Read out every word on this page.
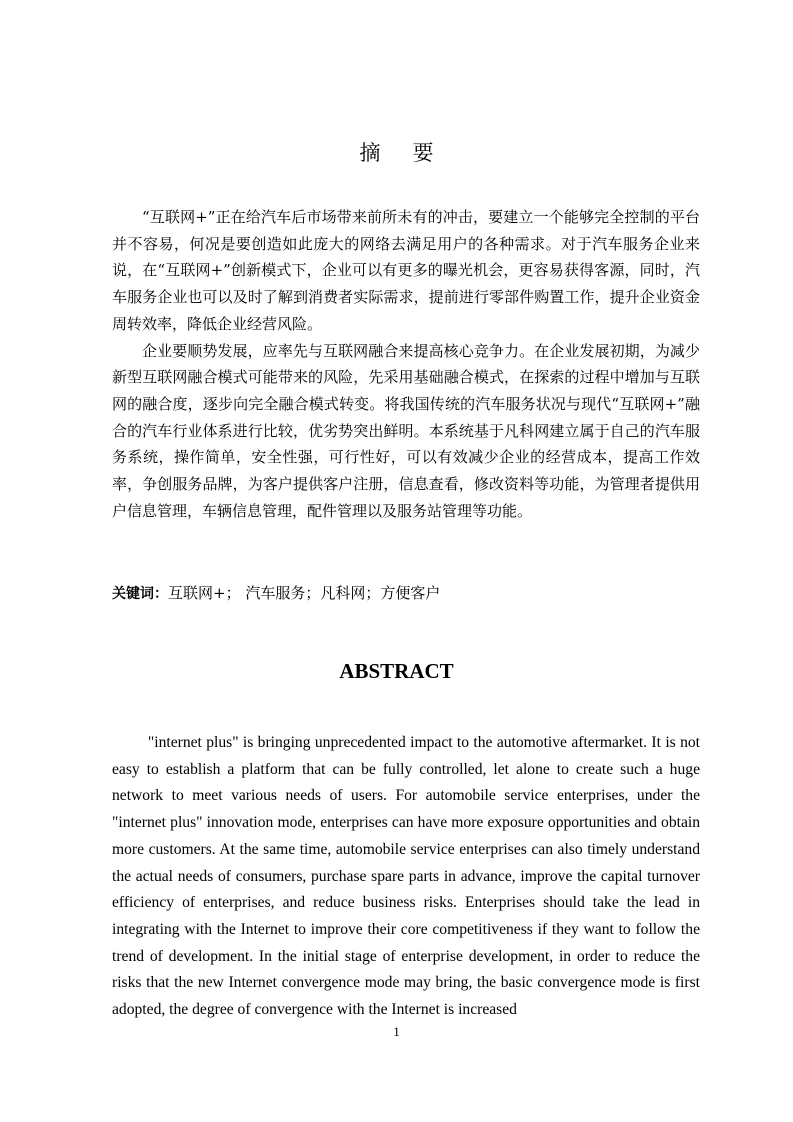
摘要

“互联网+”正在给汽车后市场带来前所未有的冲击，要建立一个能够完全控制的平台并不容易，何况是要创造如此庞大的网络去满足用户的各种需求。对于汽车服务企业来说，在“互联网+”创新模式下，企业可以有更多的曝光机会，更容易获得客源，同时，汽车服务企业也可以及时了解到消费者实际需求，提前进行零部件购置工作，提升企业资金周转效率，降低企业经营风险。

企业要顺势发展，应率先与互联网融合来提高核心竞争力。在企业发展初期，为减少新型互联网融合模式可能带来的风险，先采用基础融合模式，在探索的过程中增加与互联网的融合度，逐步向完全融合模式转变。将我国传统的汽车服务状况与现代“互联网+”融合的汽车行业体系进行比较，优劣势突出鲜明。本系统基于凡科网建立属于自己的汽车服务系统，操作简单，安全性强，可行性好，可以有效减少企业的经营成本，提高工作效率，争创服务品牌，为客户提供客户注册，信息查看，修改资料等功能，为管理者提供用户信息管理，车辆信息管理，配件管理以及服务站管理等功能。

关键词：互联网+； 汽车服务；凡科网；方便客户
ABSTRACT

"internet plus" is bringing unprecedented impact to the automotive aftermarket. It is not easy to establish a platform that can be fully controlled, let alone to create such a huge network to meet various needs of users. For automobile service enterprises, under the "internet plus" innovation mode, enterprises can have more exposure opportunities and obtain more customers. At the same time, automobile service enterprises can also timely understand the actual needs of consumers, purchase spare parts in advance, improve the capital turnover efficiency of enterprises, and reduce business risks. Enterprises should take the lead in integrating with the Internet to improve their core competitiveness if they want to follow the trend of development. In the initial stage of enterprise development, in order to reduce the risks that the new Internet convergence mode may bring, the basic convergence mode is first adopted, the degree of convergence with the Internet is increased

1
